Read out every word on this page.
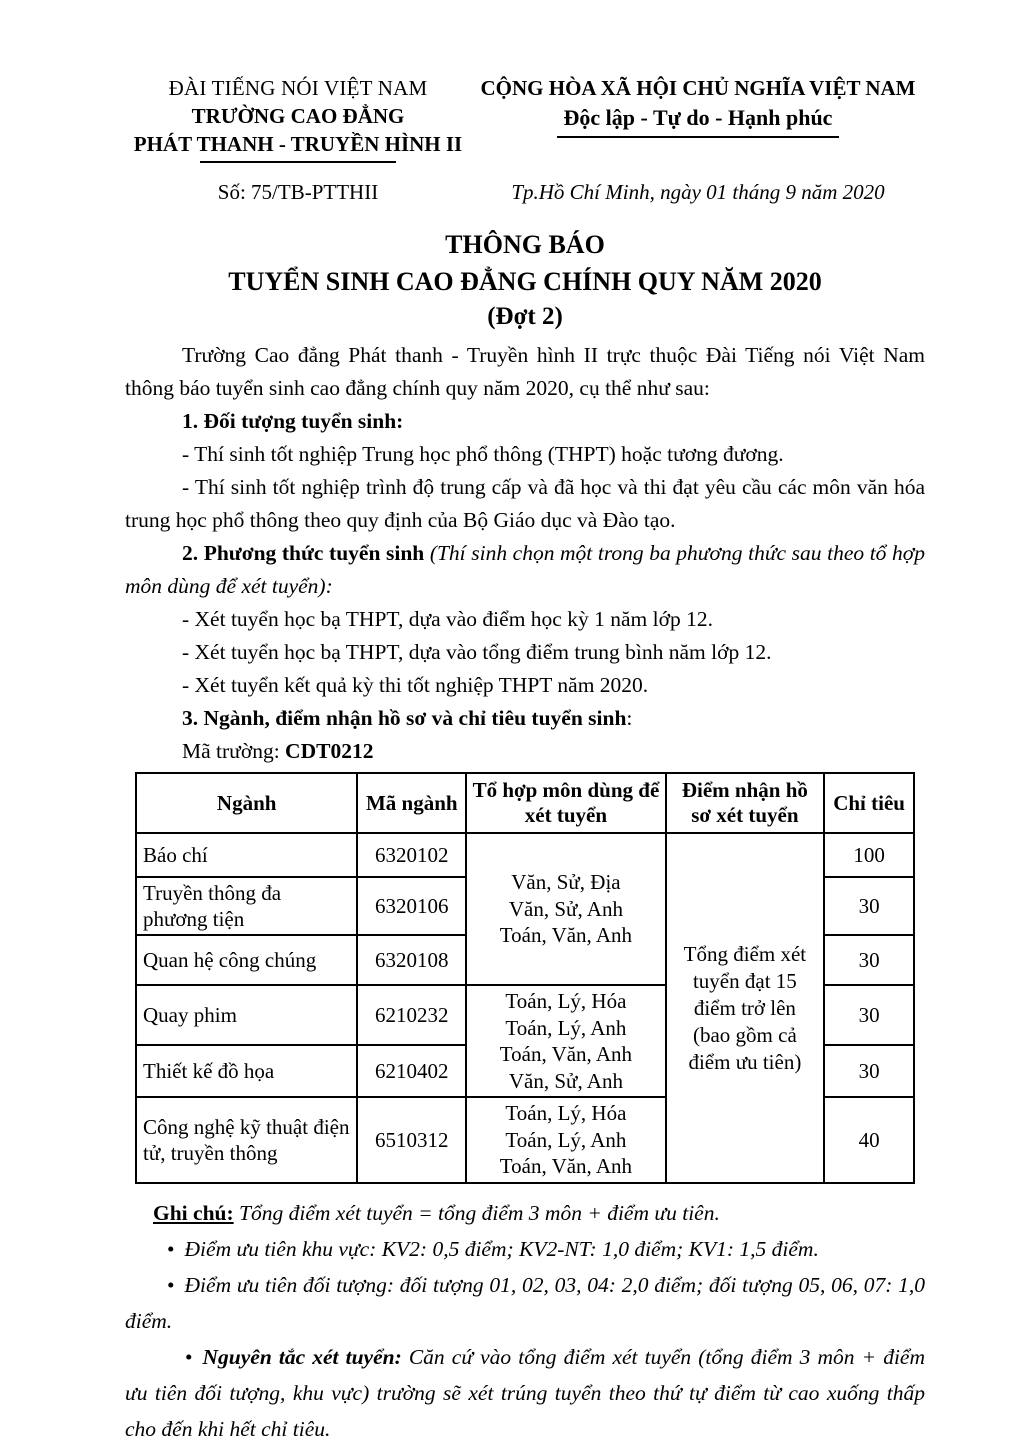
ĐÀI TIẾNG NÓI VIỆT NAM
TRƯỜNG CAO ĐẲNG
PHÁT THANH - TRUYỀN HÌNH II
CỘNG HÒA XÃ HỘI CHỦ NGHĨA VIỆT NAM
Độc lập - Tự do - Hạnh phúc
Số: 75/TB-PTTHII	Tp.Hồ Chí Minh, ngày 01 tháng 9 năm 2020
THÔNG BÁO
TUYỂN SINH CAO ĐẲNG CHÍNH QUY NĂM 2020
(Đợt 2)

Trường Cao đẳng Phát thanh - Truyền hình II trực thuộc Đài Tiếng nói Việt Nam thông báo tuyển sinh cao đẳng chính quy năm 2020, cụ thể như sau:

1. Đối tượng tuyển sinh:

- Thí sinh tốt nghiệp Trung học phổ thông (THPT) hoặc tương đương.

- Thí sinh tốt nghiệp trình độ trung cấp và đã học và thi đạt yêu cầu các môn văn hóa trung học phổ thông theo quy định của Bộ Giáo dục và Đào tạo.

2. Phương thức tuyển sinh (Thí sinh chọn một trong ba phương thức sau theo tổ hợp môn dùng để xét tuyển):

- Xét tuyển học bạ THPT, dựa vào điểm học kỳ 1 năm lớp 12.

- Xét tuyển học bạ THPT, dựa vào tổng điểm trung bình năm lớp 12.

- Xét tuyển kết quả kỳ thi tốt nghiệp THPT năm 2020.

3. Ngành, điểm nhận hồ sơ và chỉ tiêu tuyển sinh:

Mã trường: CDT0212

Ngành	Mã ngành	Tổ hợp môn dùng để xét tuyển	Điểm nhận hồ sơ xét tuyển	Chỉ tiêu
Báo chí	6320102	Văn, Sử, Địa
Văn, Sử, Anh
Toán, Văn, Anh	Tổng điểm xét tuyển đạt 15 điểm trở lên (bao gồm cả điểm ưu tiên)	100
Truyền thông đa phương tiện	6320106			30
Quan hệ công chúng	6320108			30
Quay phim	6210232	Toán, Lý, Hóa
Toán, Lý, Anh
Toán, Văn, Anh
Văn, Sử, Anh		30
Thiết kế đồ họa	6210402			30
Công nghệ kỹ thuật điện tử, truyền thông	6510312	Toán, Lý, Hóa
Toán, Lý, Anh
Toán, Văn, Anh		40

Ghi chú: Tổng điểm xét tuyển = tổng điểm 3 môn + điểm ưu tiên.

• Điểm ưu tiên khu vực: KV2: 0,5 điểm; KV2-NT: 1,0 điểm; KV1: 1,5 điểm.

• Điểm ưu tiên đối tượng: đối tượng 01, 02, 03, 04: 2,0 điểm; đối tượng 05, 06, 07: 1,0 điểm.

• Nguyên tắc xét tuyển: Căn cứ vào tổng điểm xét tuyển (tổng điểm 3 môn + điểm ưu tiên đối tượng, khu vực) trường sẽ xét trúng tuyển theo thứ tự điểm từ cao xuống thấp cho đến khi hết chỉ tiêu.
